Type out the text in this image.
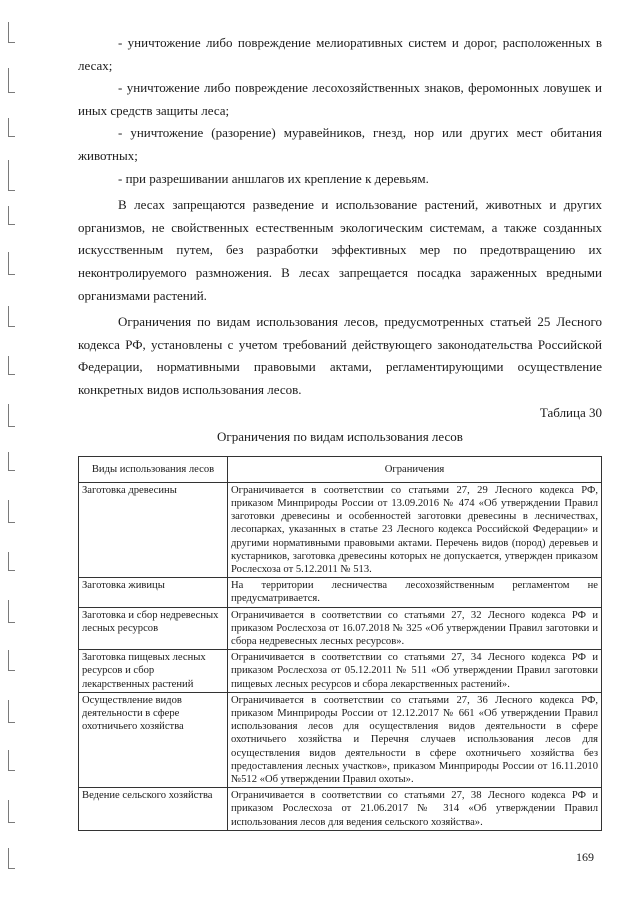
- уничтожение либо повреждение мелиоративных систем и дорог, расположенных в лесах;

- уничтожение либо повреждение лесохозяйственных знаков, феромонных ловушек и иных средств защиты леса;

- уничтожение (разорение) муравейников, гнезд, нор или других мест обитания животных;

- при разрешивании аншлагов их крепление к деревьям.

В лесах запрещаются разведение и использование растений, животных и других организмов, не свойственных естественным экологическим системам, а также созданных искусственным путем, без разработки эффективных мер по предотвращению их неконтролируемого размножения. В лесах запрещается посадка зараженных вредными организмами растений.

Ограничения по видам использования лесов, предусмотренных статьей 25 Лесного кодекса РФ, установлены с учетом требований действующего законодательства Российской Федерации, нормативными правовыми актами, регламентирующими осуществление конкретных видов использования лесов.

Таблица 30
Ограничения по видам использования лесов
Виды использования лесов	Ограничения
Заготовка древесины	Ограничивается в соответствии со статьями 27, 29 Лесного кодекса РФ, приказом Минприроды России от 13.09.2016 № 474 «Об утверждении Правил заготовки древесины и особенностей заготовки древесины в лесничествах, лесопарках, указанных в статье 23 Лесного кодекса Российской Федерации» и другими нормативными правовыми актами. Перечень видов (пород) деревьев и кустарников, заготовка древесины которых не допускается, утвержден приказом Рослесхоза от 5.12.2011 № 513.
Заготовка живицы	На территории лесничества лесохозяйственным регламентом не предусматривается.
Заготовка и сбор недревесных лесных ресурсов	Ограничивается в соответствии со статьями 27, 32 Лесного кодекса РФ и приказом Рослесхоза от 16.07.2018 № 325 «Об утверждении Правил заготовки и сбора недревесных лесных ресурсов».
Заготовка пищевых лесных ресурсов и сбор лекарственных растений	Ограничивается в соответствии со статьями 27, 34 Лесного кодекса РФ и приказом Рослесхоза от 05.12.2011 № 511 «Об утверждении Правил заготовки пищевых лесных ресурсов и сбора лекарственных растений».
Осуществление видов деятельности в сфере охотничьего хозяйства	Ограничивается в соответствии со статьями 27, 36 Лесного кодекса РФ, приказом Минприроды России от 12.12.2017 № 661 «Об утверждении Правил использования лесов для осуществления видов деятельности в сфере охотничьего хозяйства и Перечня случаев использования лесов для осуществления видов деятельности в сфере охотничьего хозяйства без предоставления лесных участков», приказом Минприроды России от 16.11.2010 №512 «Об утверждении Правил охоты».
Ведение сельского хозяйства	Ограничивается в соответствии со статьями 27, 38 Лесного кодекса РФ и приказом Рослесхоза от 21.06.2017 № 314 «Об утверждении Правил использования лесов для ведения сельского хозяйства».
169
